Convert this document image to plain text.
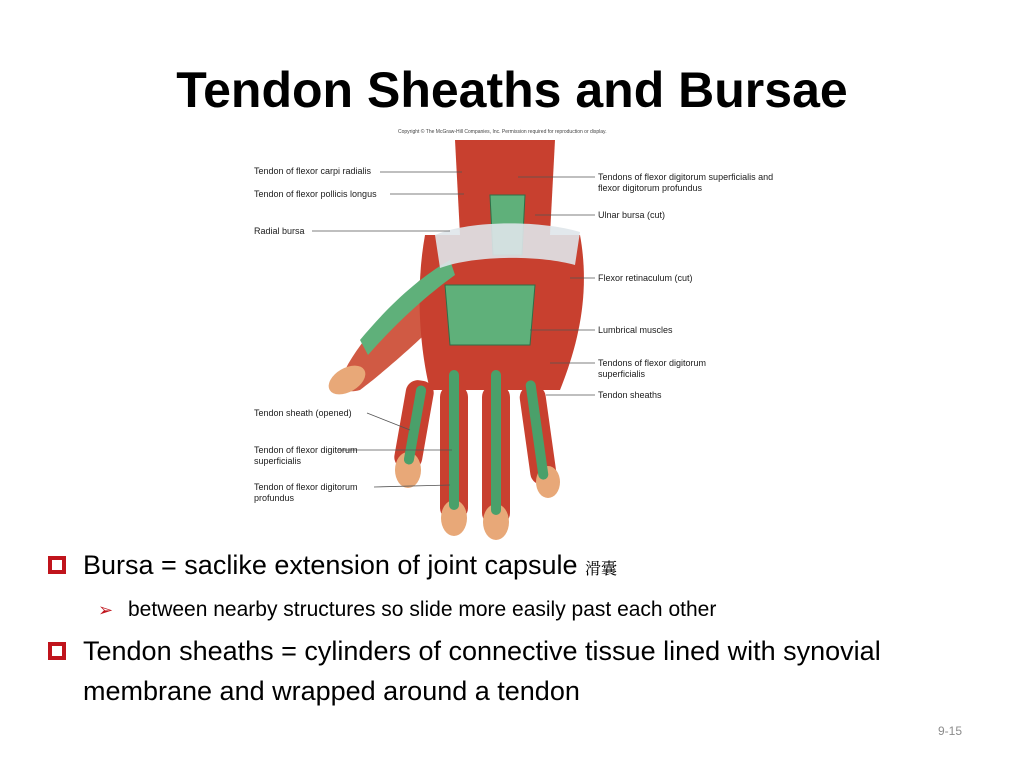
Tendon Sheaths and Bursae
Copyright © The McGraw-Hill Companies, Inc. Permission required for reproduction or display.
Tendon of flexor carpi radialis
Tendon of flexor pollicis longus
Radial bursa
Tendon sheath (opened)
Tendon of flexor digitorum superficialis
Tendon of flexor digitorum profundus
Tendons of flexor digitorum superficialis and flexor digitorum profundus
Ulnar bursa (cut)
Flexor retinaculum (cut)
Lumbrical muscles
Tendons of flexor digitorum superficialis
Tendon sheaths
Bursa = saclike extension of joint capsule 滑囊
➢ between nearby structures so slide more easily past each other
Tendon sheaths = cylinders of connective tissue lined with synovial membrane and wrapped around a tendon
9-15
